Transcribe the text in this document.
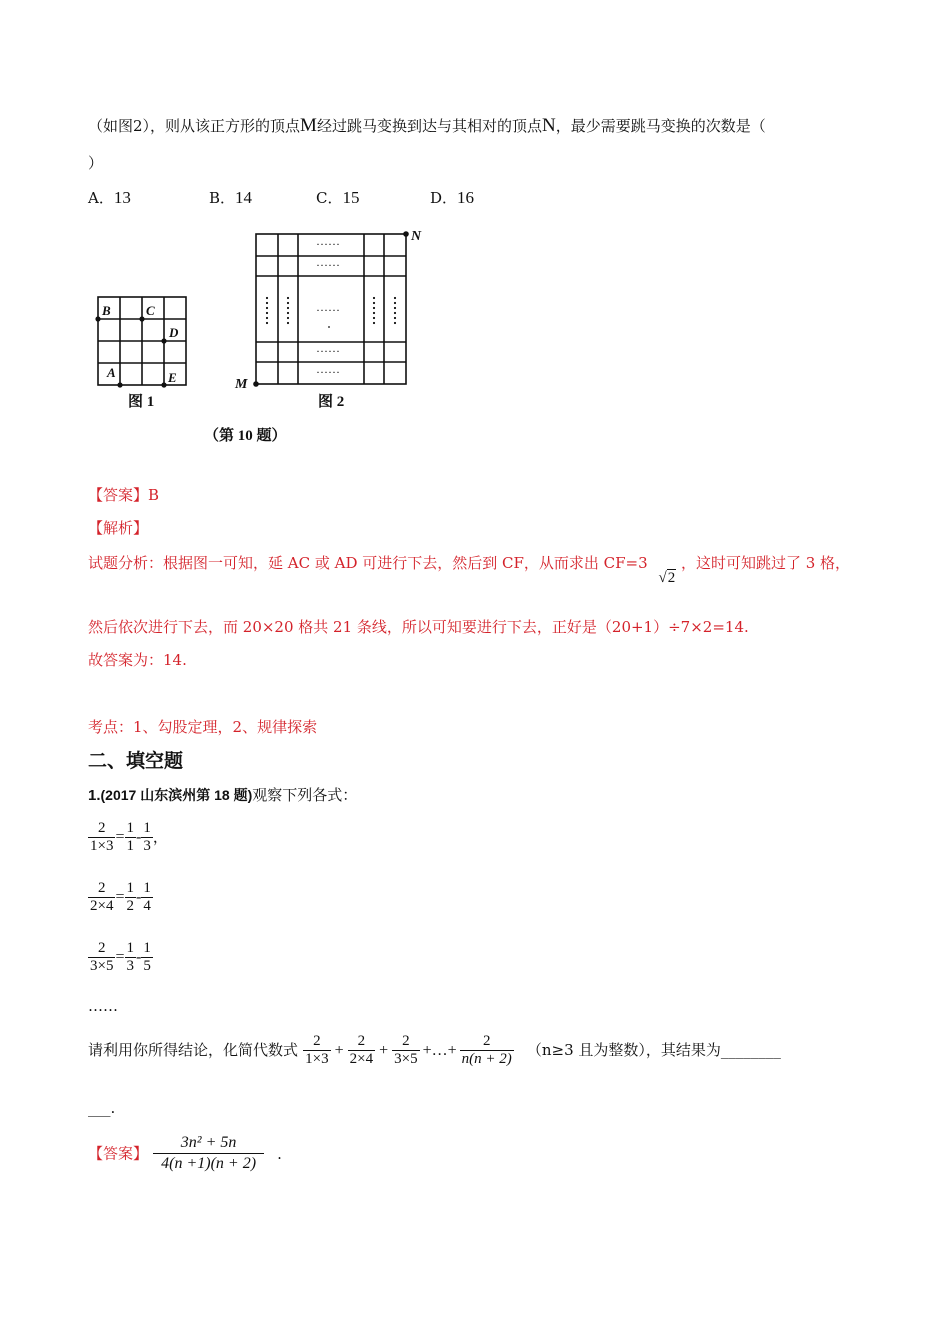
（如图2），则从该正方形的顶点M经过跳马变换到达与其相对的顶点N，最少需要跳马变换的次数是（
）
A．13	B．14	C．15	D．16
B	C
D
A	E
图 1
······
······
······
······
······
N
M
图 2
（第 10 题）
【答案】B
【解析】
试题分析：根据图一可知，延 AC 或 AD 可进行下去，然后到 CF，从而求出 CF=3 √2 ，这时可知跳过了 3 格，
然后依次进行下去，而 20×20 格共 21 条线，所以可知要进行下去，正好是（20+1）÷7×2=14.
故答案为：14.
考点：1、勾股定理，2、规律探索
二、填空题
1.(2017 山东滨州第 18 题)观察下列各式：
$\frac{2}{1\times 3} = \frac{1}{1} - \frac{1}{3}$ ，
$\frac{2}{2\times 4} = \frac{1}{2} - \frac{1}{4}$
$\frac{2}{3\times 5} = \frac{1}{3} - \frac{1}{5}$
……
请利用你所得结论，化简代数式 $\frac{2}{1\times 3} + \frac{2}{2\times 4} + \frac{2}{3\times 5}$ +…+ $\frac{2}{n(n + 2)} (n\ge 3$ 且为整数），其结果为________
___.
【答案】 $\frac{\text{3n² + 5n}}{4(n +1)(n + 2)}$ .
